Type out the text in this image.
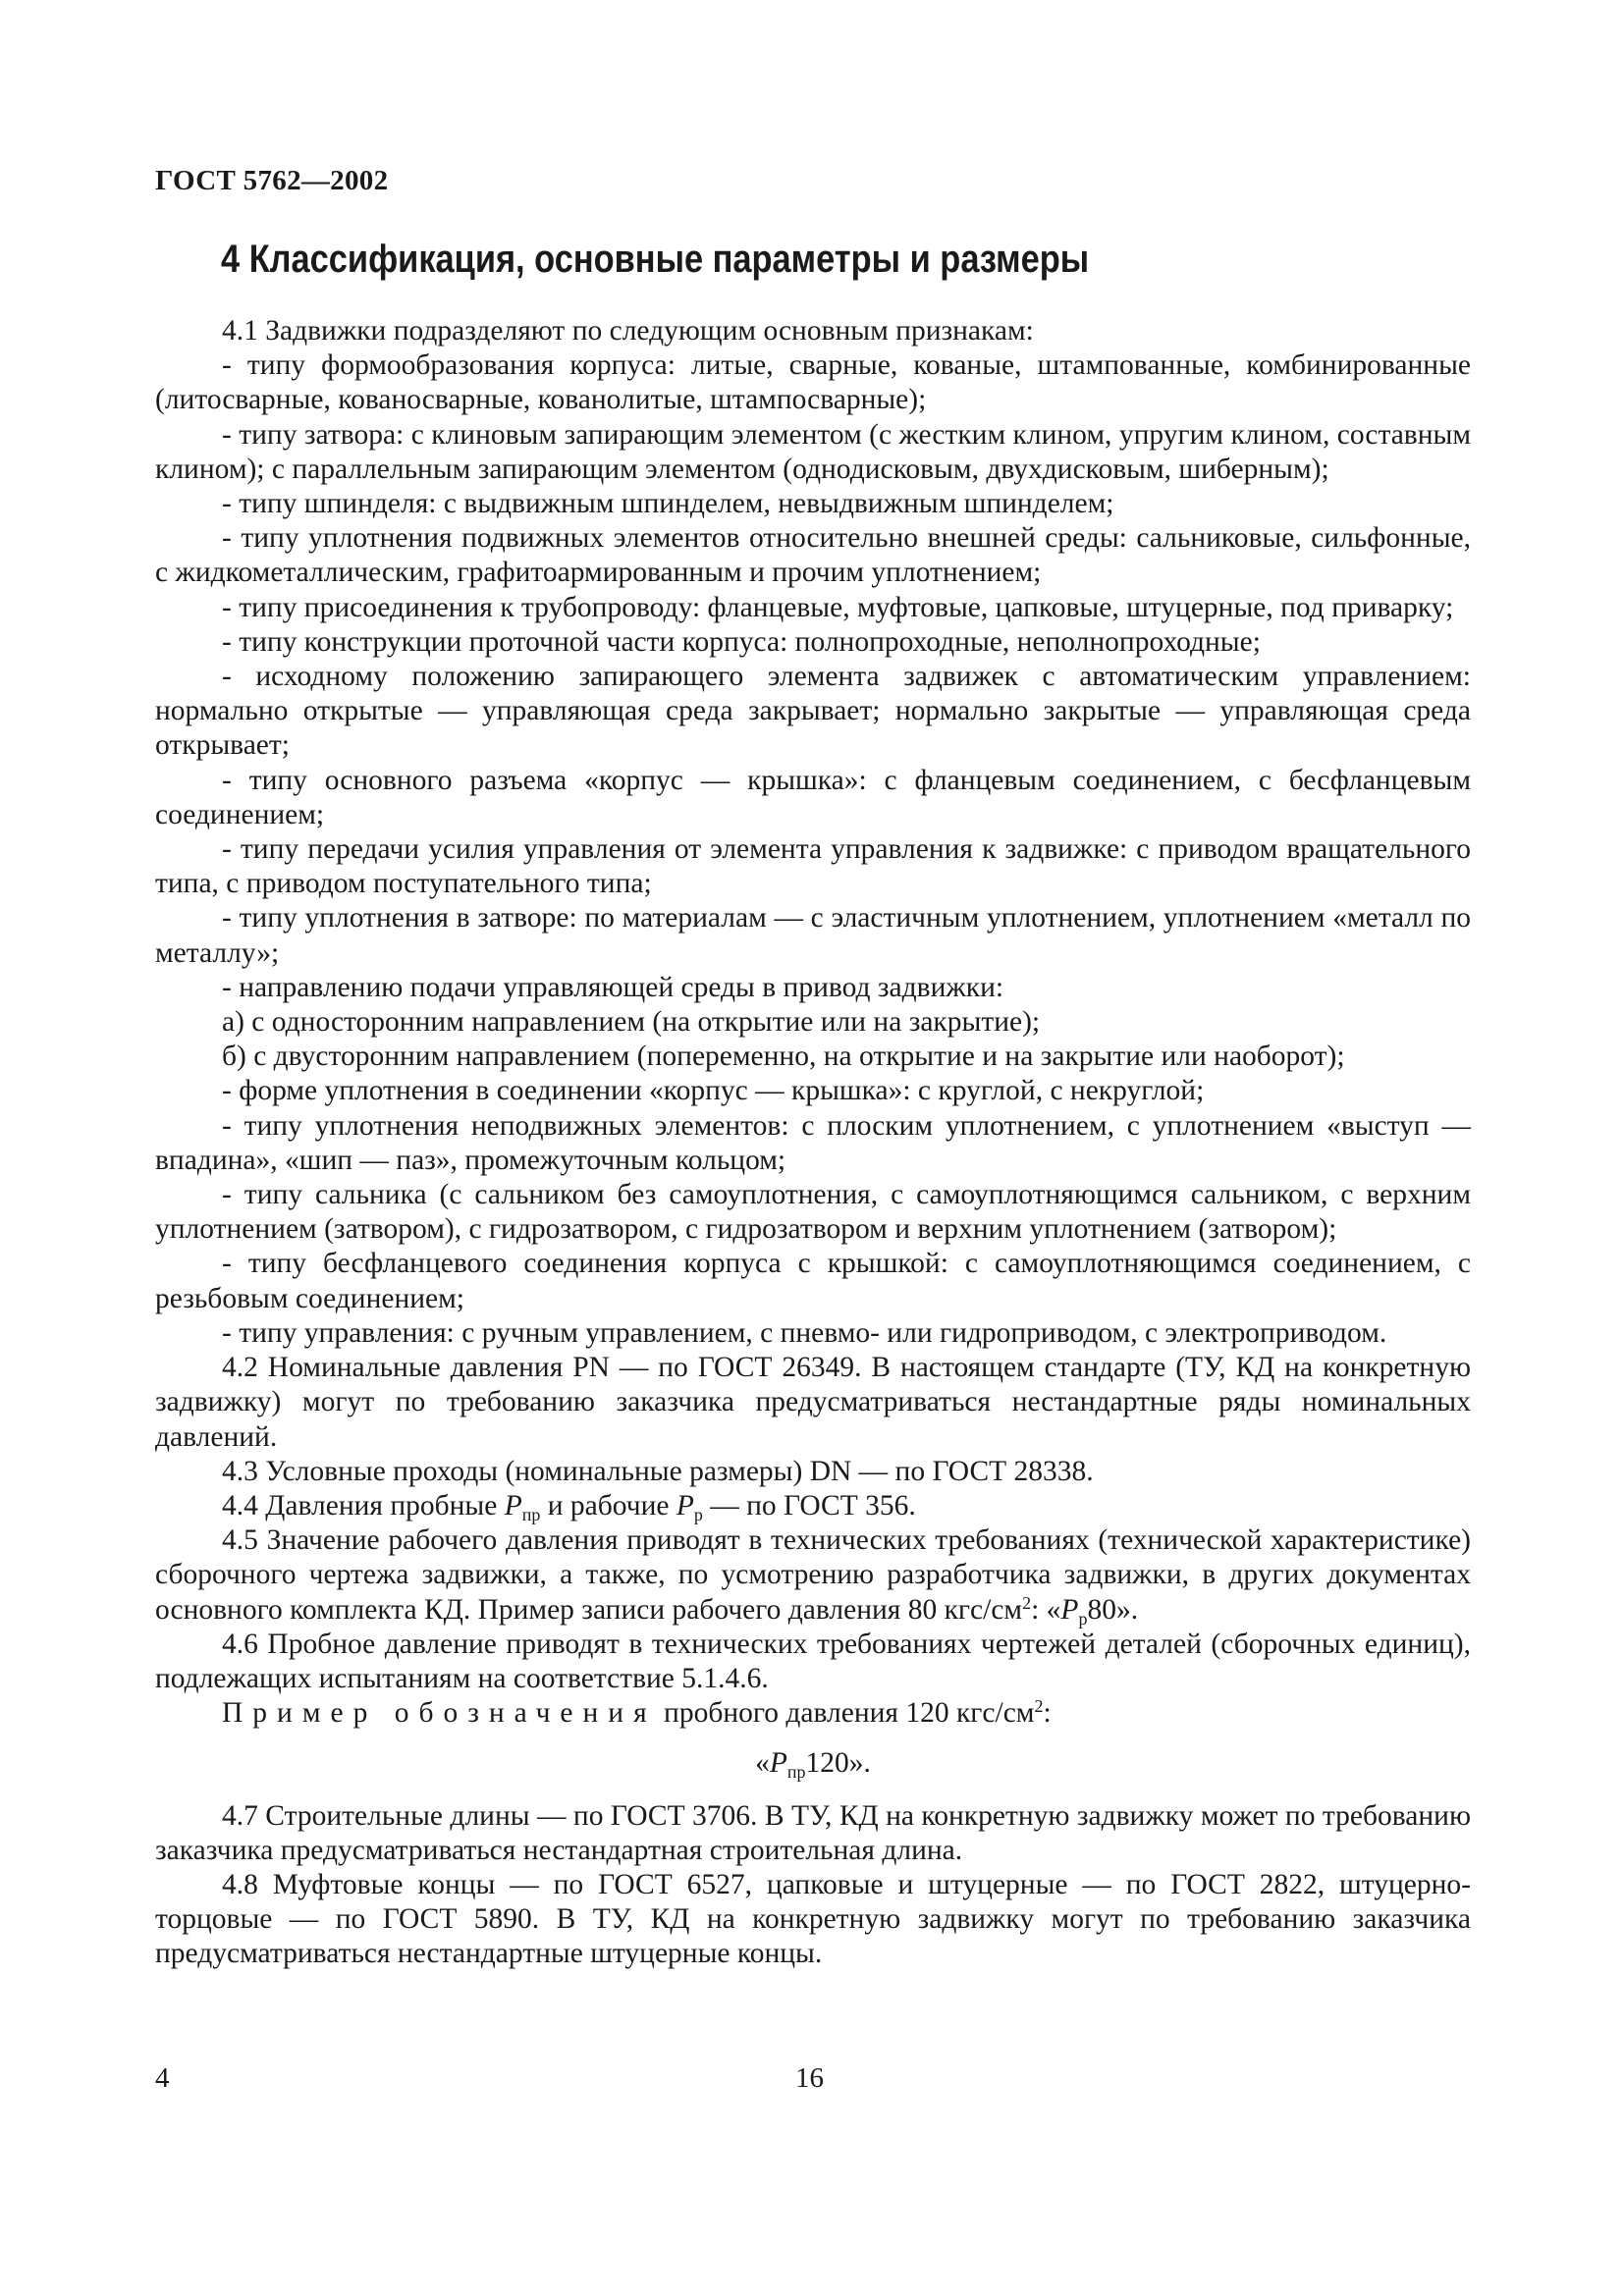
ГОСТ 5762—2002
4 Классификация, основные параметры и размеры

4.1 Задвижки подразделяют по следующим основным признакам:

- типу формообразования корпуса: литые, сварные, кованые, штампованные, комбинированные (литосварные, кованосварные, кованолитые, штампосварные);

- типу затвора: с клиновым запирающим элементом (с жестким клином, упругим клином, составным клином); с параллельным запирающим элементом (однодисковым, двухдисковым, шиберным);

- типу шпинделя: с выдвижным шпинделем, невыдвижным шпинделем;

- типу уплотнения подвижных элементов относительно внешней среды: сальниковые, сильфонные, с жидкометаллическим, графитоармированным и прочим уплотнением;

- типу присоединения к трубопроводу: фланцевые, муфтовые, цапковые, штуцерные, под приварку;

- типу конструкции проточной части корпуса: полнопроходные, неполнопроходные;

- исходному положению запирающего элемента задвижек с автоматическим управлением: нормально открытые — управляющая среда закрывает; нормально закрытые — управляющая среда открывает;

- типу основного разъема «корпус — крышка»: с фланцевым соединением, с бесфланцевым соединением;

- типу передачи усилия управления от элемента управления к задвижке: с приводом вращательного типа, с приводом поступательного типа;

- типу уплотнения в затворе: по материалам — с эластичным уплотнением, уплотнением «металл по металлу»;

- направлению подачи управляющей среды в привод задвижки:

а) с односторонним направлением (на открытие или на закрытие);

б) с двусторонним направлением (попеременно, на открытие и на закрытие или наоборот);

- форме уплотнения в соединении «корпус — крышка»: с круглой, с некруглой;

- типу уплотнения неподвижных элементов: с плоским уплотнением, с уплотнением «выступ — впадина», «шип — паз», промежуточным кольцом;

- типу сальника (с сальником без самоуплотнения, с самоуплотняющимся сальником, с верхним уплотнением (затвором), с гидрозатвором, с гидрозатвором и верхним уплотнением (затвором);

- типу бесфланцевого соединения корпуса с крышкой: с самоуплотняющимся соединением, с резьбовым соединением;

- типу управления: с ручным управлением, с пневмо- или гидроприводом, с электроприводом.

4.2 Номинальные давления PN — по ГОСТ 26349. В настоящем стандарте (ТУ, КД на конкретную задвижку) могут по требованию заказчика предусматриваться нестандартные ряды номинальных давлений.

4.3 Условные проходы (номинальные размеры) DN — по ГОСТ 28338.

4.4 Давления пробные $P_{пр}$ и рабочие $P_р$ — по ГОСТ 356.

4.5 Значение рабочего давления приводят в технических требованиях (технической характеристике) сборочного чертежа задвижки, а также, по усмотрению разработчика задвижки, в других документах основного комплекта КД. Пример записи рабочего давления 80 кгс/$см^2$: «$P_р80$».

4.6 Пробное давление приводят в технических требованиях чертежей деталей (сборочных единиц), подлежащих испытаниям на соответствие 5.1.4.6.

Пример обозначения пробного давления 120 кгс/$см^2$:

«$P_{пр}120$».

4.7 Строительные длины — по ГОСТ 3706. В ТУ, КД на конкретную задвижку может по требованию заказчика предусматриваться нестандартная строительная длина.

4.8 Муфтовые концы — по ГОСТ 6527, цапковые и штуцерные — по ГОСТ 2822, штуцерно-торцовые — по ГОСТ 5890. В ТУ, КД на конкретную задвижку могут по требованию заказчика предусматриваться нестандартные штуцерные концы.

4	16
